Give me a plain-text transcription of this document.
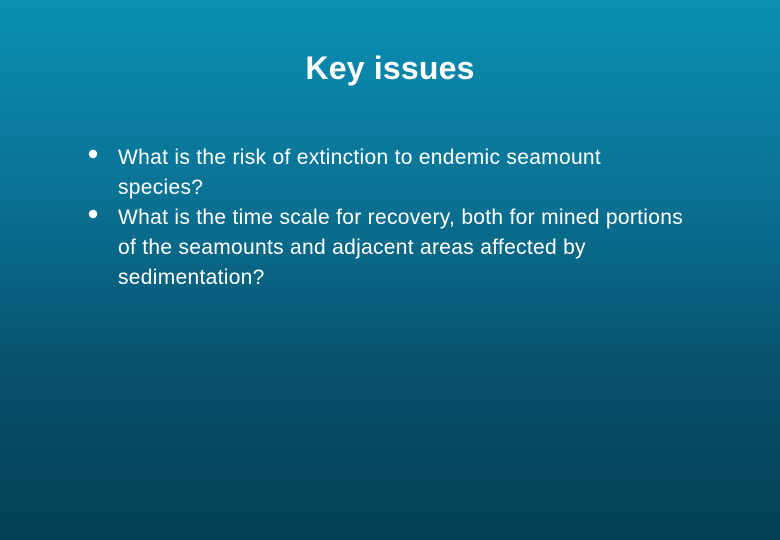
Key issues
What is the risk of extinction to endemic seamount species?
What is the time scale for recovery, both for mined portions of the seamounts and adjacent areas affected by sedimentation?
